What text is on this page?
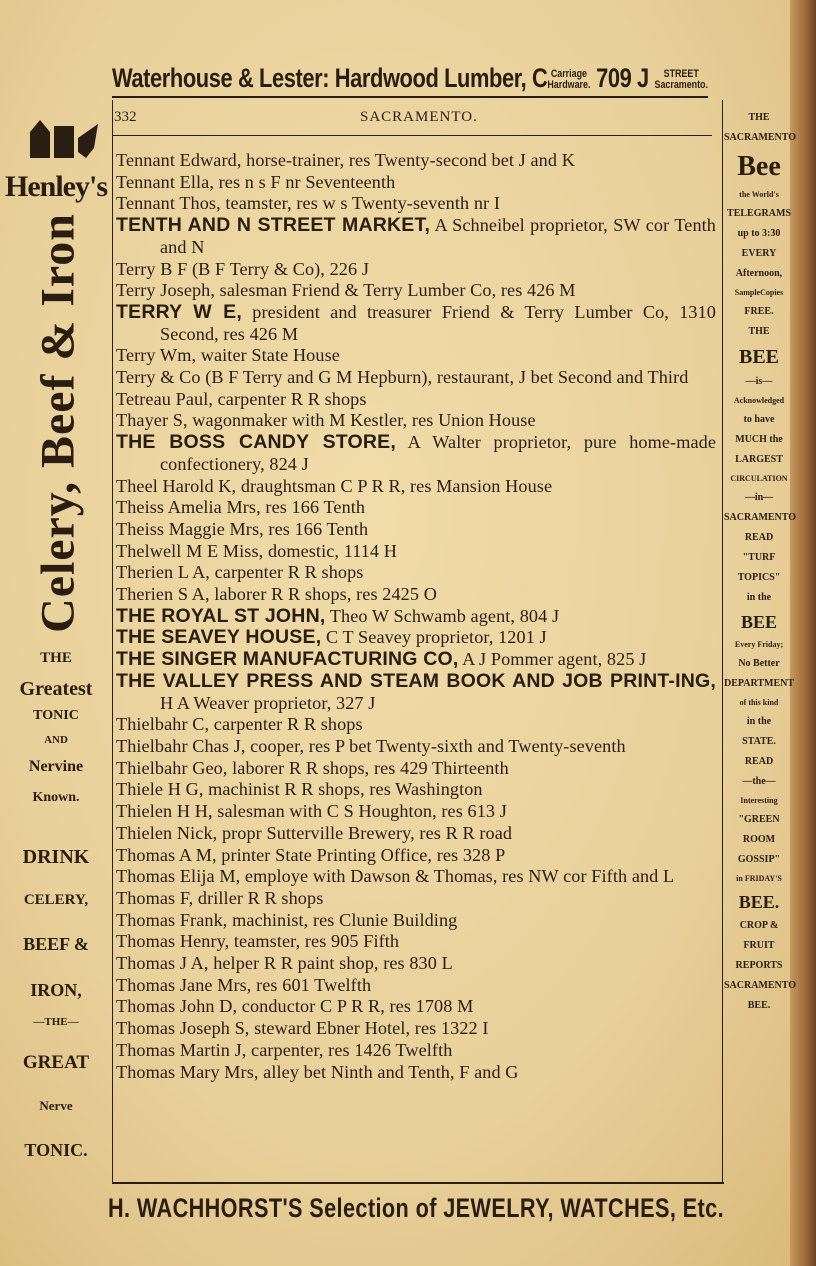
Waterhouse & Lester: Hardwood Lumber, C Carriage
Hardware. 709 J STREET
Sacramento.
332	SACRAMENTO.
Tennant Edward, horse-trainer, res Twenty-second bet J and K
Tennant Ella, res n s F nr Seventeenth
Tennant Thos, teamster, res w s Twenty-seventh nr I
TENTH AND N STREET MARKET, A Schneibel proprietor, SW cor Tenth and N
Terry B F (B F Terry & Co), 226 J
Terry Joseph, salesman Friend & Terry Lumber Co, res 426 M
TERRY W E, president and treasurer Friend & Terry Lumber Co, 1310 Second, res 426 M
Terry Wm, waiter State House
Terry & Co (B F Terry and G M Hepburn), restaurant, J bet Second and Third
Tetreau Paul, carpenter R R shops
Thayer S, wagonmaker with M Kestler, res Union House
THE BOSS CANDY STORE, A Walter proprietor, pure home-made confectionery, 824 J
Theel Harold K, draughtsman C P R R, res Mansion House
Theiss Amelia Mrs, res 166 Tenth
Theiss Maggie Mrs, res 166 Tenth
Thelwell M E Miss, domestic, 1114 H
Therien L A, carpenter R R shops
Therien S A, laborer R R shops, res 2425 O
THE ROYAL ST JOHN, Theo W Schwamb agent, 804 J
THE SEAVEY HOUSE, C T Seavey proprietor, 1201 J
THE SINGER MANUFACTURING CO, A J Pommer agent, 825 J
THE VALLEY PRESS AND STEAM BOOK AND JOB PRINT-ING, H A Weaver proprietor, 327 J
Thielbahr C, carpenter R R shops
Thielbahr Chas J, cooper, res P bet Twenty-sixth and Twenty-seventh
Thielbahr Geo, laborer R R shops, res 429 Thirteenth
Thiele H G, machinist R R shops, res Washington
Thielen H H, salesman with C S Houghton, res 613 J
Thielen Nick, propr Sutterville Brewery, res R R road
Thomas A M, printer State Printing Office, res 328 P
Thomas Elija M, employe with Dawson & Thomas, res NW cor Fifth and L
Thomas F, driller R R shops
Thomas Frank, machinist, res Clunie Building
Thomas Henry, teamster, res 905 Fifth
Thomas J A, helper R R paint shop, res 830 L
Thomas Jane Mrs, res 601 Twelfth
Thomas John D, conductor C P R R, res 1708 M
Thomas Joseph S, steward Ebner Hotel, res 1322 I
Thomas Martin J, carpenter, res 1426 Twelfth
Thomas Mary Mrs, alley bet Ninth and Tenth, F and G
Henley's
Celery, Beef & Iron
THE
Greatest
TONIC
AND
Nervine
Known.
DRINK
CELERY,
BEEF &
IRON,
—THE—
GREAT
Nerve
TONIC.
THE
SACRAMENTO
Bee
the World's
TELEGRAMS
up to 3:30
EVERY
Afternoon,
SampleCopies
FREE.
THE
BEE
—is—
Acknowledged
to have
MUCH the
LARGEST
CIRCULATION
—in—
SACRAMENTO
READ
"TURF
TOPICS"
in the
BEE
Every Friday;
No Better
DEPARTMENT
of this kind
in the
STATE.
READ
—the—
Interesting
"GREEN
ROOM
GOSSIP"
in FRIDAY'S
BEE.
CROP &
FRUIT
REPORTS
SACRAMENTO
BEE.
H. WACHHORST'S Selection of JEWELRY, WATCHES, Etc.
